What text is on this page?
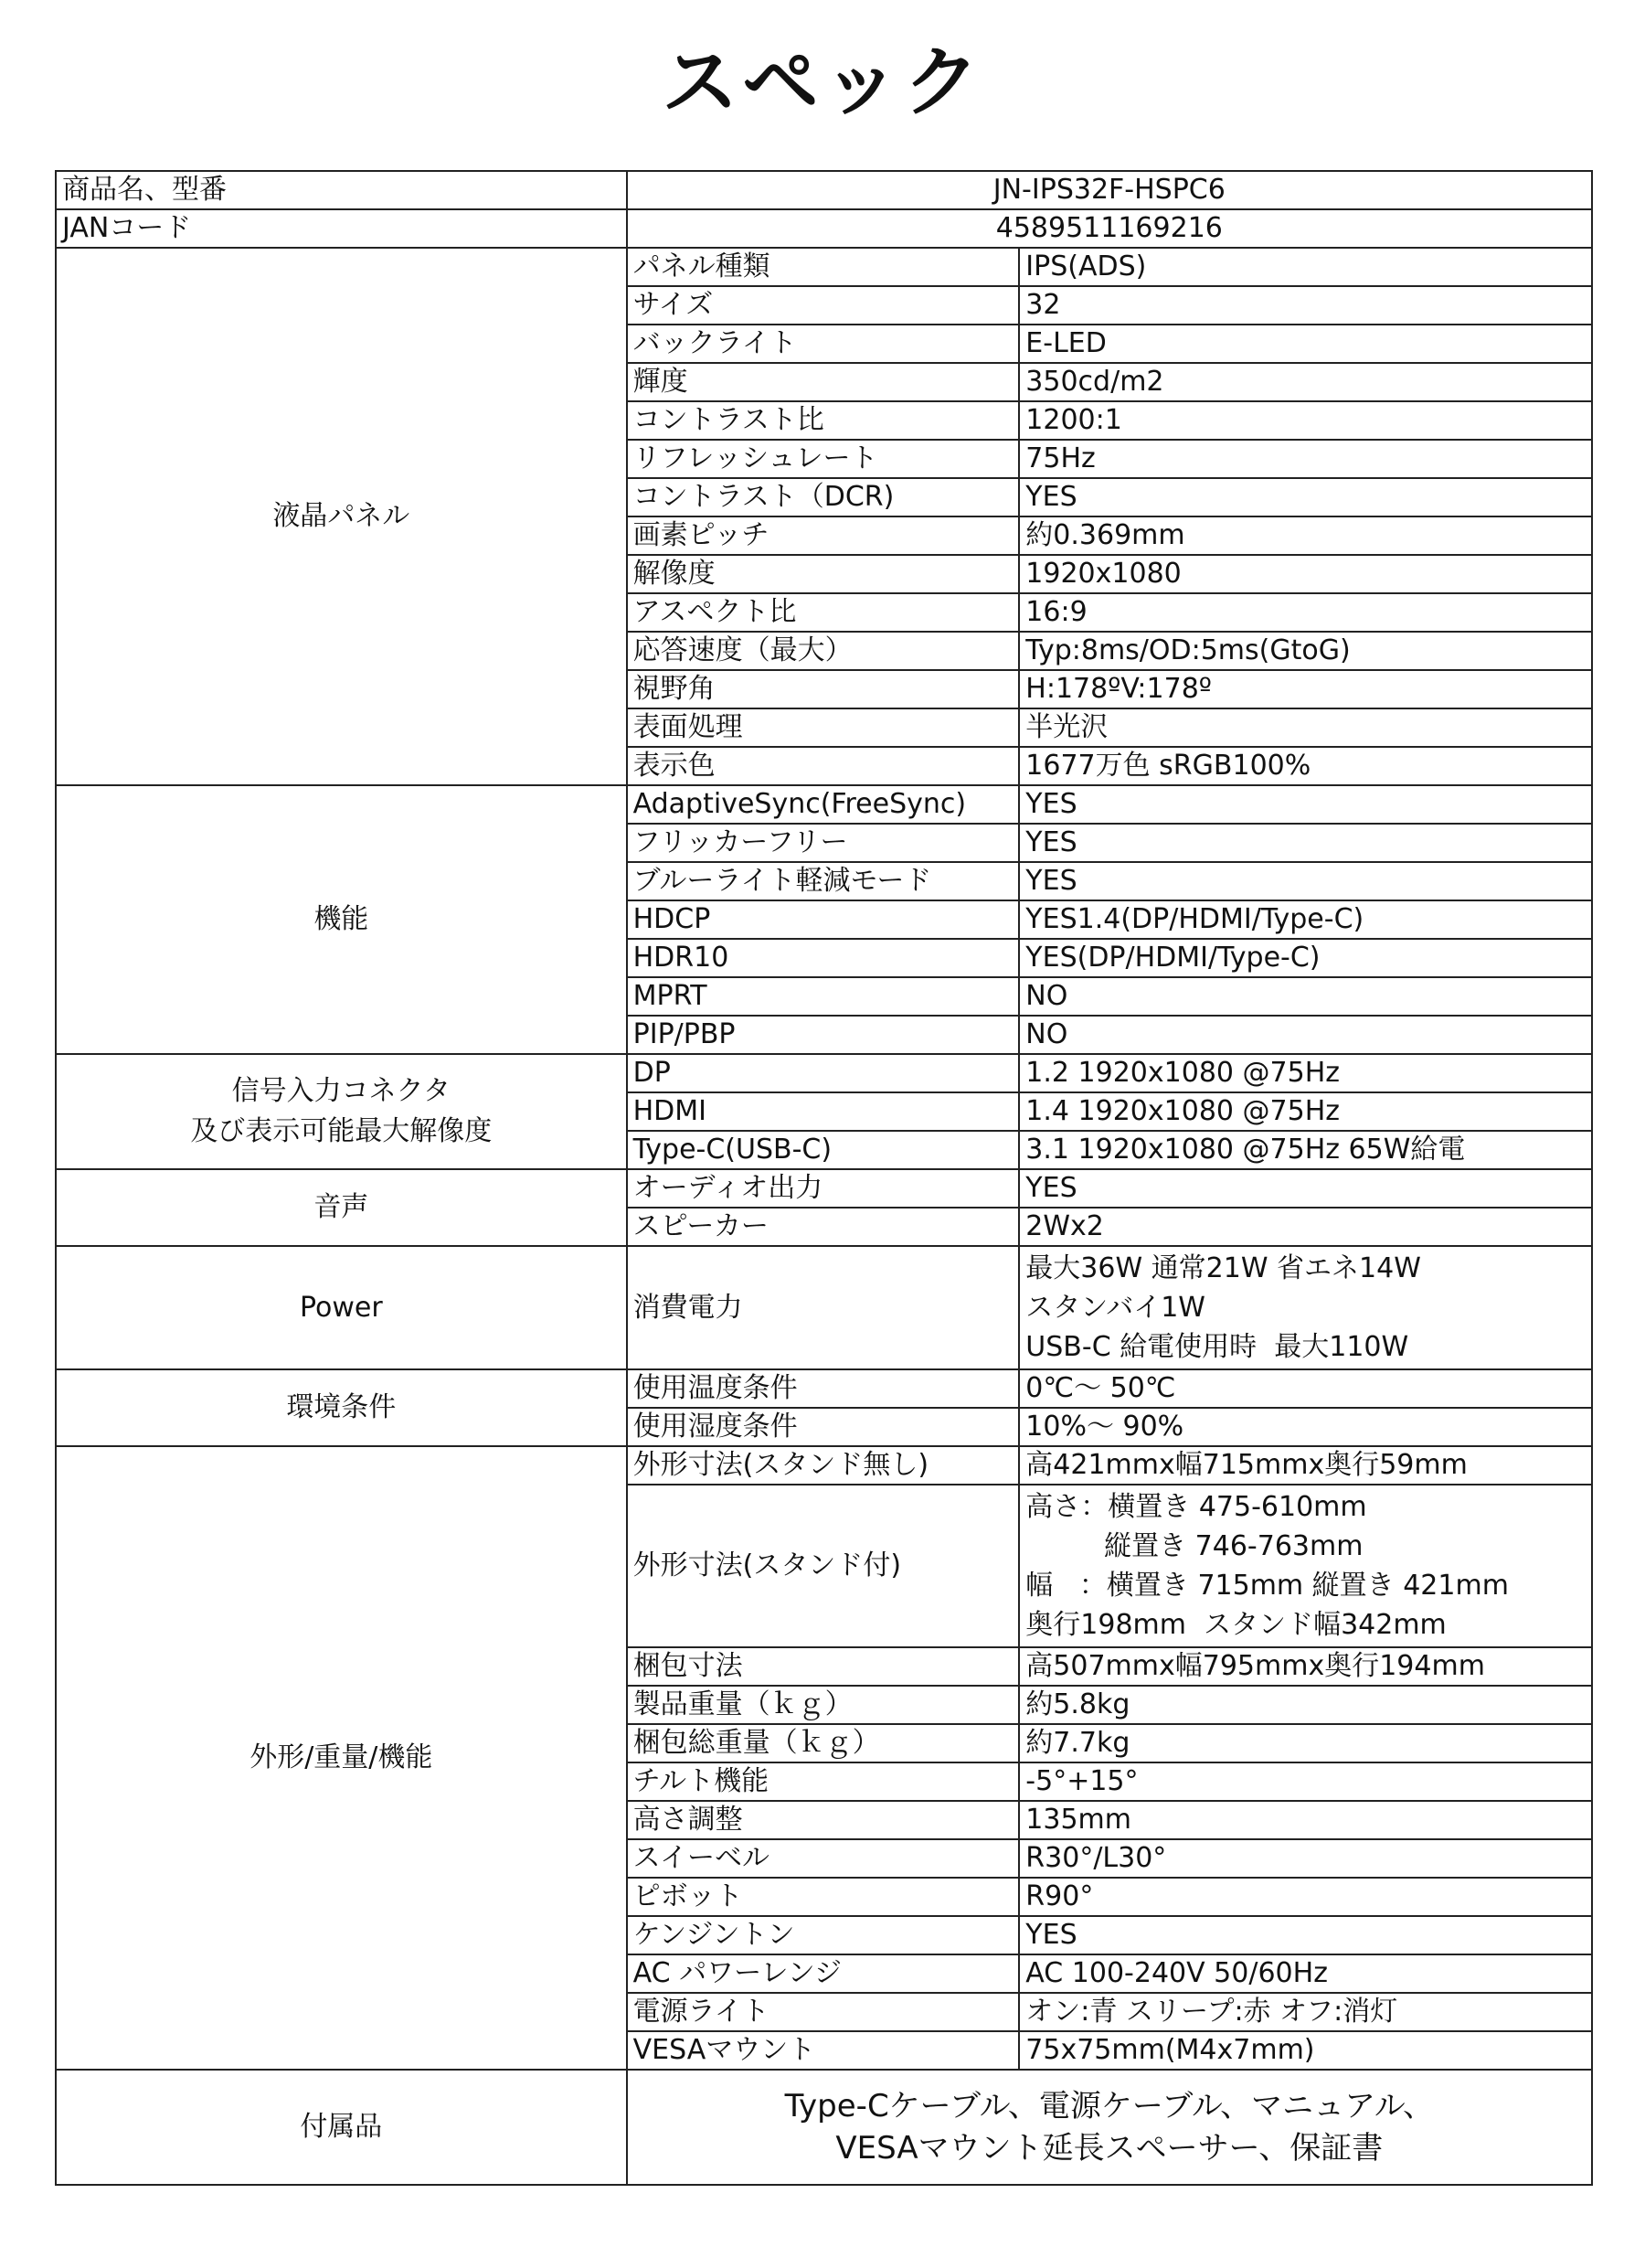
スペック
商品名、型番	JN-IPS32F-HSPC6	
JANコード	4589511169216	
液晶パネル	パネル種類	IPS(ADS)
	サイズ	32
	バックライト	E-LED
	輝度	350cd/m2
	コントラスト比	1200:1
	リフレッシュレート	75Hz
	コントラスト（DCR)	YES
	画素ピッチ	約0.369mm
	解像度	1920x1080
	アスペクト比	16:9
	応答速度（最大）	Typ:8ms/OD:5ms(GtoG)
	視野角	H:178ºV:178º
	表面処理	半光沢
	表示色	1677万色 sRGB100%
機能	AdaptiveSync(FreeSync)	YES
	フリッカーフリー	YES
	ブルーライト軽減モード	YES
	HDCP	YES1.4(DP/HDMI/Type-C)
	HDR10	YES(DP/HDMI/Type-C)
	MPRT	NO
	PIP/PBP	NO

信号入力コネクタ
及び表示可能最大解像度	DP	1.2 1920x1080 @75Hz
	HDMI	1.4 1920x1080 @75Hz
	Type-C(USB-C)	3.1 1920x1080 @75Hz 65W給電
音声	オーディオ出力	YES
	スピーカー	2Wx2
Power	消費電力	最大36W 通常21W 省エネ14W
スタンバイ1W
USB-C 給電使用時  最大110W

環境条件	使用温度条件	0℃～ 50℃
	使用湿度条件	10%～ 90%
外形/重量/機能	外形寸法(スタンド無し)	高421mmx幅715mmx奥行59mm
	外形寸法(スタンド付)	高さ：横置き 475-610mm
縦置き 746-763mm
幅   ：横置き 715mm 縦置き 421mm
奥行198mm  スタンド幅342mm

	梱包寸法	高507mmx幅795mmx奥行194mm
	製品重量（ｋｇ）	約5.8kg
	梱包総重量（ｋｇ）	約7.7kg
	チルト機能	-5°+15°
	高さ調整	135mm
	スイーベル	R30°/L30°
	ピボット	R90°
	ケンジントン	YES
	AC パワーレンジ	AC 100-240V 50/60Hz
	電源ライト	オン:青 スリープ:赤 オフ:消灯
	VESAマウント	75x75mm(M4x7mm)
付属品	Type-Cケーブル、電源ケーブル、マニュアル、
VESAマウント延長スペーサー、保証書	
